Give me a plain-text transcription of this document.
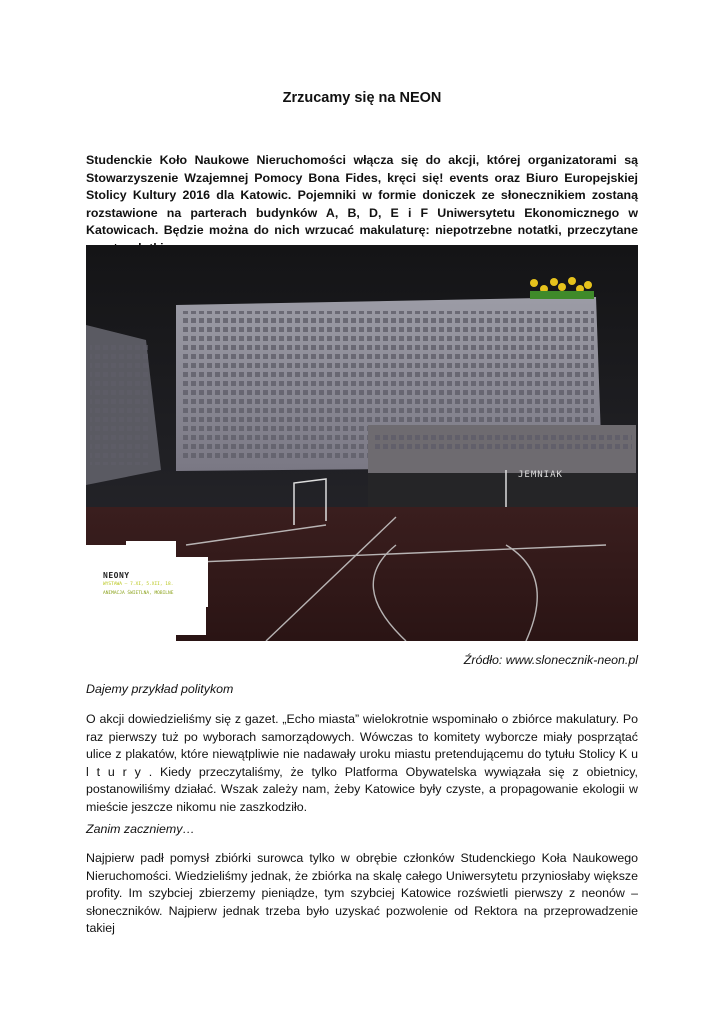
Zrzucamy się na NEON
Studenckie Koło Naukowe Nieruchomości włącza się do akcji, której organizatorami są Stowarzyszenie Wzajemnej Pomocy Bona Fides, kręci się! events oraz Biuro Europejskiej Stolicy Kultury 2016 dla Katowic. Pojemniki w formie doniczek ze słonecznikiem zostaną rozstawione na parterach budynków A, B, D, E i F Uniwersytetu Ekonomicznego w Katowicach. Będzie można do nich wrzucać makulaturę: niepotrzebne notatki, przeczytane
NEONY
WYSTAWA – 7.XI, 5.XII, 18.
ANIMACJA ŚWIETLNA, MOBILNE
JEMNIAK
Źródło: www.slonecznik-neon.pl
Dajemy przykład politykom
O akcji dowiedzieliśmy się z gazet. „Echo miasta” wielokrotnie wspominało o zbiórce makulatury. Po raz pierwszy tuż po wyborach samorządowych. Wówczas to komitety wyborcze miały posprzątać ulice z plakatów, które niewątpliwie nie nadawały uroku miastu pretendującemu do tytułu Stolicy K u l t u r y . Kiedy przeczytaliśmy, że tylko Platforma Obywatelska wywiązała się z obietnicy, postanowiliśmy działać. Wszak zależy nam, żeby Katowice były czyste, a propagowanie ekologii w mieście jeszcze nikomu nie zaszkodziło.
Zanim zaczniemy…
Najpierw padł pomysł zbiórki surowca tylko w obrębie członków Studenckiego Koła Naukowego Nieruchomości. Wiedzieliśmy jednak, że zbiórka na skalę całego Uniwersytetu przyniosłaby większe profity. Im szybciej zbierzemy pieniądze, tym szybciej Katowice rozświetli pierwszy z neonów – słoneczników. Najpierw jednak trzeba było uzyskać pozwolenie od Rektora na przeprowadzenie takiej
